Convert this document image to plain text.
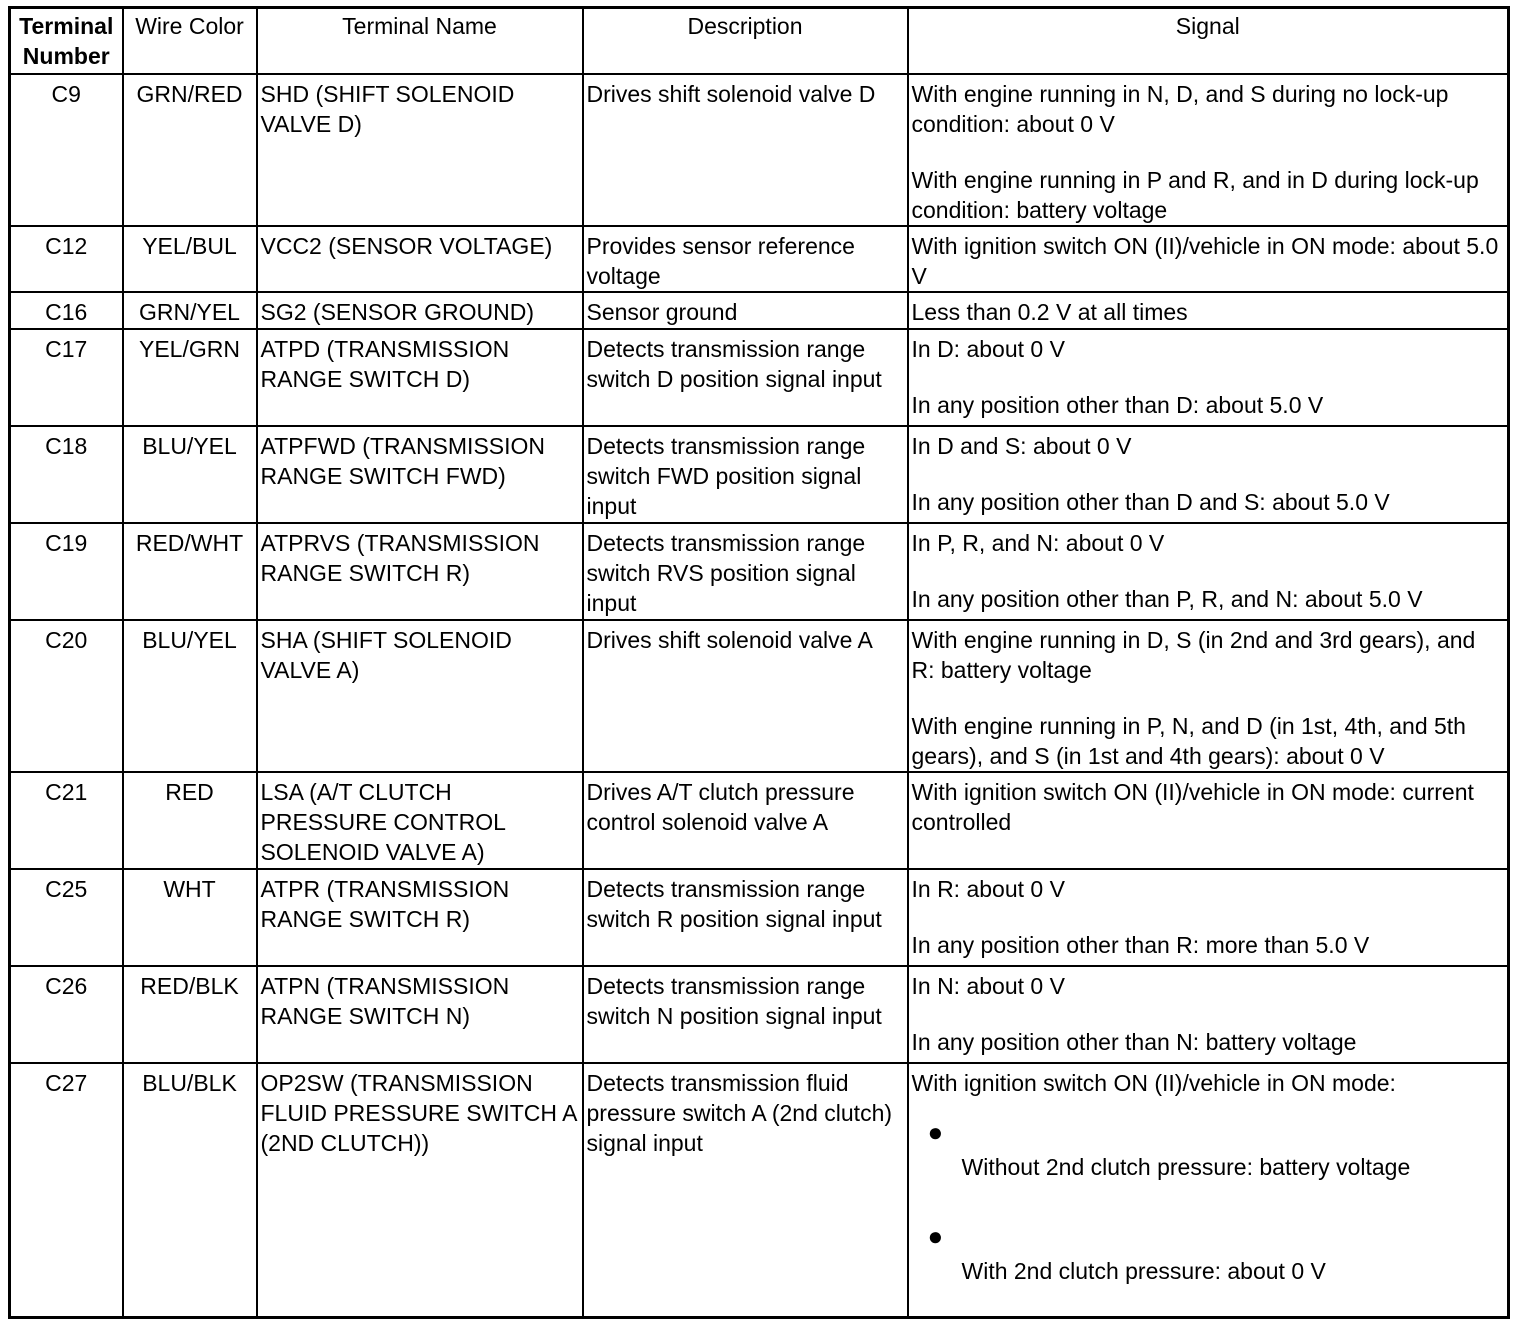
Terminal Number	Wire Color	Terminal Name	Description	Signal
C9	GRN/RED	SHD (SHIFT SOLENOID VALVE D)	Drives shift solenoid valve D	With engine running in N, D, and S during no lock-up condition: about 0 V

With engine running in P and R, and in D during lock-up condition: battery voltage

C12	YEL/BUL	VCC2 (SENSOR VOLTAGE)	Provides sensor reference voltage	With ignition switch ON (II)/vehicle in ON mode: about 5.0 V

C16	GRN/YEL	SG2 (SENSOR GROUND)	Sensor ground	Less than 0.2 V at all times

C17	YEL/GRN	ATPD (TRANSMISSION RANGE SWITCH D)	Detects transmission range switch D position signal input	In D: about 0 V

In any position other than D: about 5.0 V

C18	BLU/YEL	ATPFWD (TRANSMISSION RANGE SWITCH FWD)	Detects transmission range switch FWD position signal input	In D and S: about 0 V

In any position other than D and S: about 5.0 V

C19	RED/WHT	ATPRVS (TRANSMISSION RANGE SWITCH R)	Detects transmission range switch RVS position signal input	In P, R, and N: about 0 V

In any position other than P, R, and N: about 5.0 V

C20	BLU/YEL	SHA (SHIFT SOLENOID VALVE A)	Drives shift solenoid valve A	With engine running in D, S (in 2nd and 3rd gears), and R: battery voltage

With engine running in P, N, and D (in 1st, 4th, and 5th gears), and S (in 1st and 4th gears): about 0 V

C21	RED	LSA (A/T CLUTCH PRESSURE CONTROL SOLENOID VALVE A)	Drives A/T clutch pressure control solenoid valve A	With ignition switch ON (II)/vehicle in ON mode: current controlled

C25	WHT	ATPR (TRANSMISSION RANGE SWITCH R)	Detects transmission range switch R position signal input	In R: about 0 V

In any position other than R: more than 5.0 V

C26	RED/BLK	ATPN (TRANSMISSION RANGE SWITCH N)	Detects transmission range switch N position signal input	In N: about 0 V

In any position other than N: battery voltage

C27	BLU/BLK	OP2SW (TRANSMISSION FLUID PRESSURE SWITCH A (2ND CLUTCH))	Detects transmission fluid pressure switch A (2nd clutch) signal input	With ignition switch ON (II)/vehicle in ON mode:
●
Without 2nd clutch pressure: battery voltage
●
With 2nd clutch pressure: about 0 V
